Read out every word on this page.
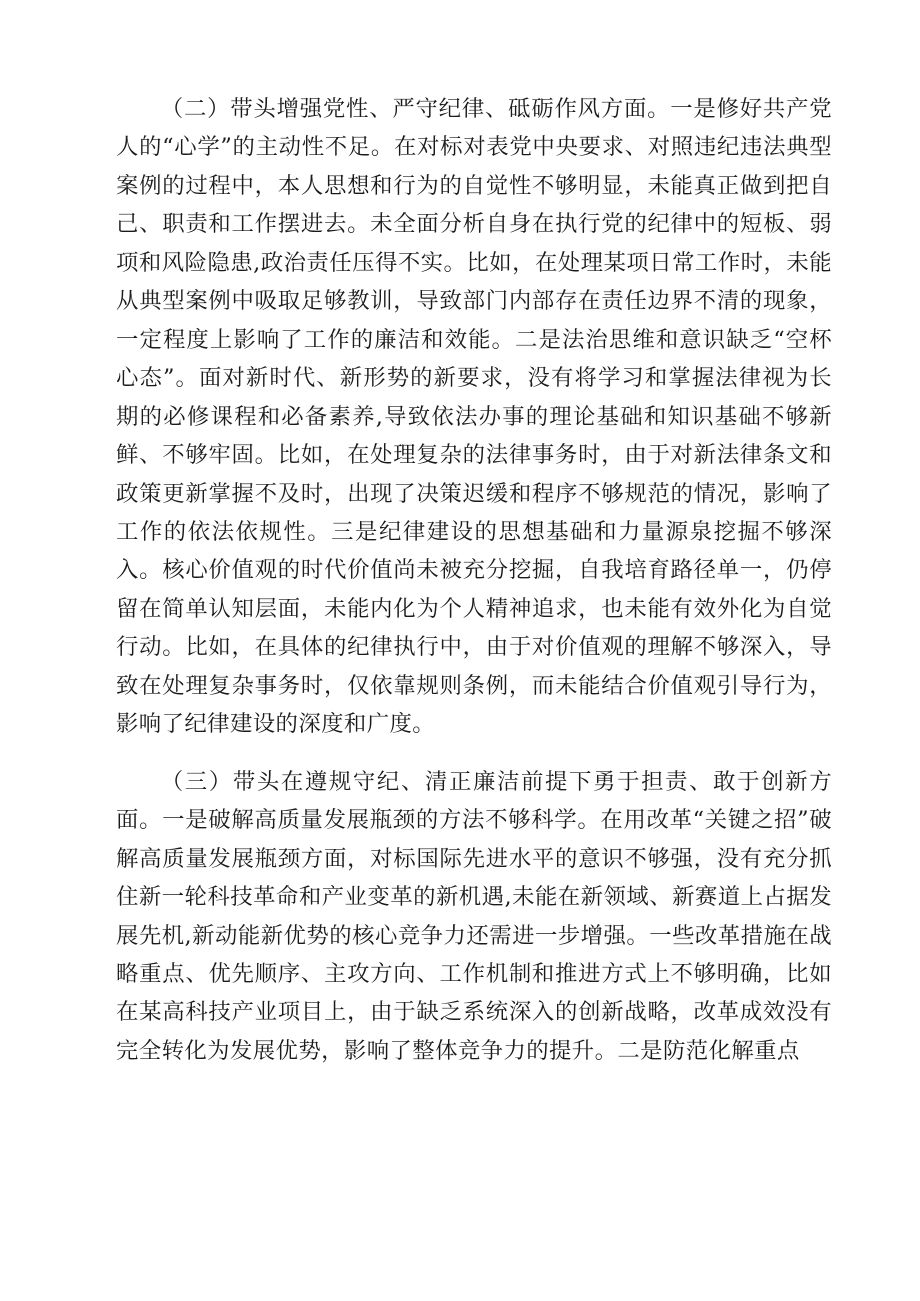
（二）带头增强党性、严守纪律、砥砺作风方面。一是修好共产党人的“心学”的主动性不足。在对标对表党中央要求、对照违纪违法典型案例的过程中，本人思想和行为的自觉性不够明显，未能真正做到把自己、职责和工作摆进去。未全面分析自身在执行党的纪律中的短板、弱项和风险隐患,政治责任压得不实。比如，在处理某项日常工作时，未能从典型案例中吸取足够教训，导致部门内部存在责任边界不清的现象，一定程度上影响了工作的廉洁和效能。二是法治思维和意识缺乏“空杯心态”。面对新时代、新形势的新要求，没有将学习和掌握法律视为长期的必修课程和必备素养,导致依法办事的理论基础和知识基础不够新鲜、不够牢固。比如，在处理复杂的法律事务时，由于对新法律条文和政策更新掌握不及时，出现了决策迟缓和程序不够规范的情况，影响了工作的依法依规性。三是纪律建设的思想基础和力量源泉挖掘不够深入。核心价值观的时代价值尚未被充分挖掘，自我培育路径单一，仍停留在简单认知层面，未能内化为个人精神追求，也未能有效外化为自觉行动。比如，在具体的纪律执行中，由于对价值观的理解不够深入，导致在处理复杂事务时，仅依靠规则条例，而未能结合价值观引导行为，影响了纪律建设的深度和广度。

（三）带头在遵规守纪、清正廉洁前提下勇于担责、敢于创新方面。一是破解高质量发展瓶颈的方法不够科学。在用改革“关键之招”破解高质量发展瓶颈方面，对标国际先进水平的意识不够强，没有充分抓住新一轮科技革命和产业变革的新机遇,未能在新领域、新赛道上占据发展先机,新动能新优势的核心竞争力还需进一步增强。一些改革措施在战略重点、优先顺序、主攻方向、工作机制和推进方式上不够明确，比如在某高科技产业项目上，由于缺乏系统深入的创新战略，改革成效没有完全转化为发展优势，影响了整体竞争力的提升。二是防范化解重点
